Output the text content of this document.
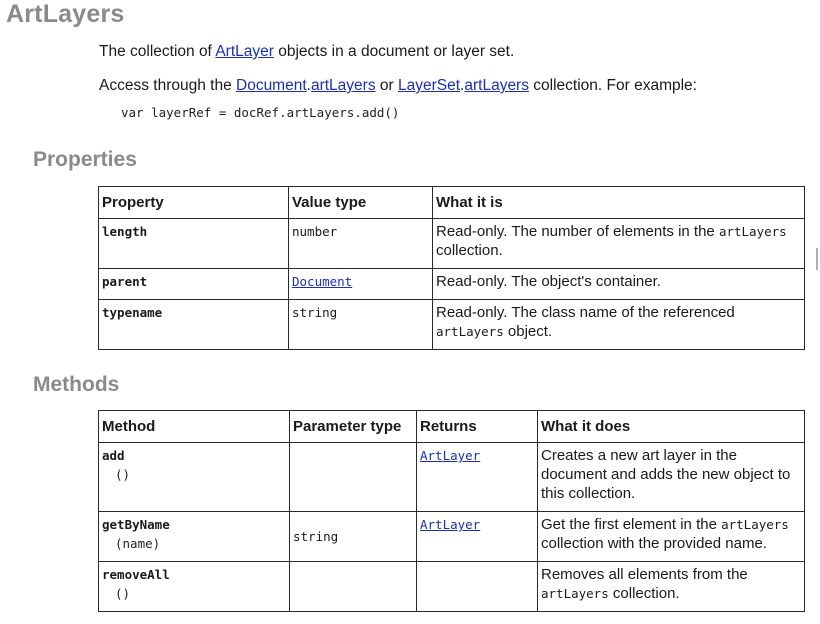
ArtLayers

The collection of ArtLayer objects in a document or layer set.

Access through the Document.artLayers or LayerSet.artLayers collection. For example:

var layerRef = docRef.artLayers.add()
Properties
Property	Value type	What it is
length	number	Read-only. The number of elements in the artLayers collection.
parent	Document	Read-only. The object's container.
typename	string	Read-only. The class name of the referenced artLayers object.
Methods
Method	Parameter type	Returns	What it does
add
()		ArtLayer	Creates a new art layer in the document and adds the new object to this collection.
getByName
(name)	string	ArtLayer	Get the first element in the artLayers collection with the provided name.
removeAll
()			Removes all elements from the artLayers collection.
